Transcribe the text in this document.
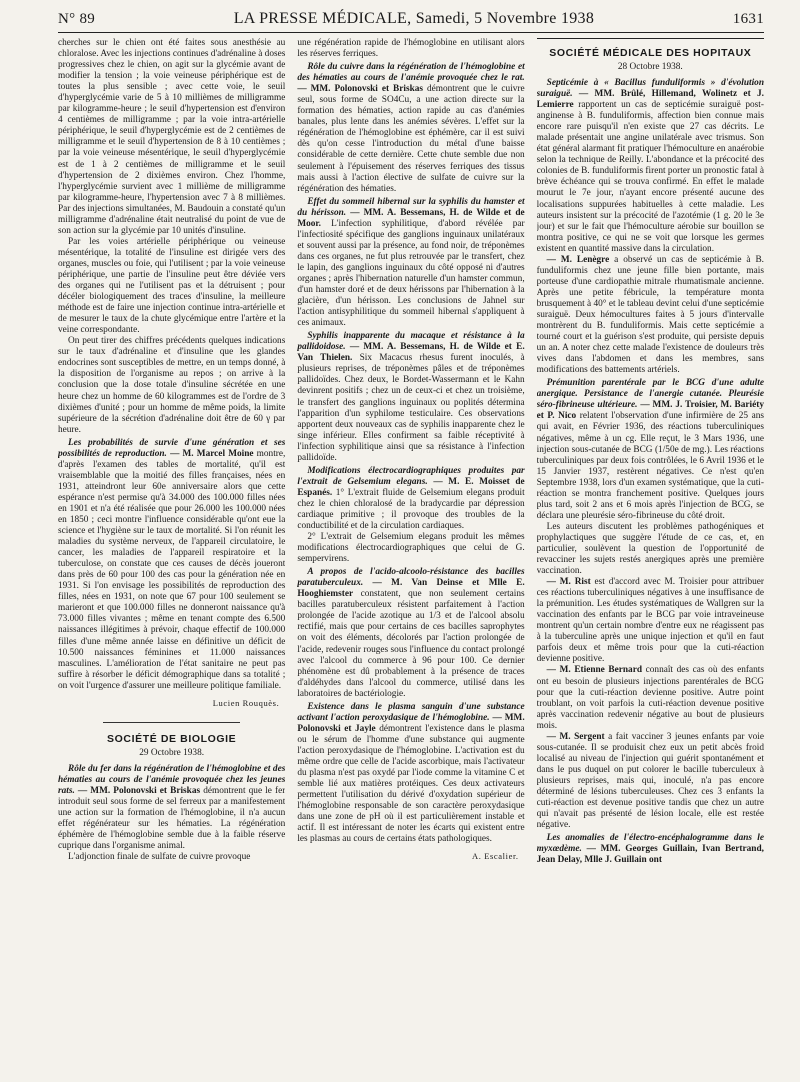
N° 89	LA PRESSE MÉDICALE, Samedi, 5 Novembre 1938	1631

cherches sur le chien ont été faites sous anesthésie au chloralose. Avec les injections continues d'adrénaline à doses progressives chez le chien, on agit sur la glycémie avant de modifier la tension ; la voie veineuse périphérique est de toutes la plus sensible ; avec cette voie, le seuil d'hyperglycémie varie de 5 à 10 millièmes de milligramme par kilogramme-heure ; le seuil d'hypertension est d'environ 4 centièmes de milligramme ; par la voie intra-artérielle périphérique, le seuil d'hyperglycémie est de 2 centièmes de milligramme et le seuil d'hypertension de 8 à 10 centièmes ; par la voie veineuse mésentérique, le seuil d'hyperglycémie est de 1 à 2 centièmes de milligramme et le seuil d'hypertension de 2 dixièmes environ. Chez l'homme, l'hyperglycémie survient avec 1 millième de milligramme par kilogramme-heure, l'hypertension avec 7 à 8 millièmes. Par des injections simultanées, M. Baudouin a constaté qu'un milligramme d'adrénaline était neutralisé du point de vue de son action sur la glycémie par 10 unités d'insuline.

Par les voies artérielle périphérique ou veineuse mésentérique, la totalité de l'insuline est dirigée vers des organes, muscles ou foie, qui l'utilisent ; par la voie veineuse périphérique, une partie de l'insuline peut être déviée vers des organes qui ne l'utilisent pas et la détruisent ; pour décéler biologiquement des traces d'insuline, la meilleure méthode est de faire une injection continue intra-artérielle et de mesurer le taux de la chute glycémique entre l'artère et la veine correspondante.

On peut tirer des chiffres précédents quelques indications sur le taux d'adrénaline et d'insuline que les glandes endocrines sont susceptibles de mettre, en un temps donné, à la disposition de l'organisme au repos ; on arrive à la conclusion que la dose totale d'insuline sécrétée en une heure chez un homme de 60 kilogrammes est de l'ordre de 3 dixièmes d'unité ; pour un homme de même poids, la limite supérieure de la sécrétion d'adrénaline doit être de 60 γ par heure.

Les probabilités de survie d'une génération et ses possibilités de reproduction. — M. Marcel Moine montre, d'après l'examen des tables de mortalité, qu'il est vraisemblable que la moitié des filles françaises, nées en 1931, atteindront leur 60e anniversaire alors que cette espérance n'est permise qu'à 34.000 des 100.000 filles nées en 1901 et n'a été réalisée que pour 26.000 les 100.000 nées en 1850 ; ceci montre l'influence considérable qu'ont eue la science et l'hygiène sur le taux de mortalité. Si l'on réunit les maladies du système nerveux, de l'appareil circulatoire, le cancer, les maladies de l'appareil respiratoire et la tuberculose, on constate que ces causes de décès joueront dans près de 60 pour 100 des cas pour la génération née en 1931. Si l'on envisage les possibilités de reproduction des filles, nées en 1931, on note que 67 pour 100 seulement se marieront et que 100.000 filles ne donneront naissance qu'à 73.000 filles vivantes ; même en tenant compte des 6.500 naissances illégitimes à prévoir, chaque effectif de 100.000 filles d'une même année laisse en définitive un déficit de 10.500 naissances féminines et 11.000 naissances masculines. L'amélioration de l'état sanitaire ne peut pas suffire à résorber le déficit démographique dans sa totalité ; on voit l'urgence d'assurer une meilleure politique familiale.

Lucien Rouquès.
SOCIÉTÉ DE BIOLOGIE
29 Octobre 1938.

Rôle du fer dans la régénération de l'hémoglobine et des hématies au cours de l'anémie provoquée chez les jeunes rats. — MM. Polonovski et Briskas démontrent que le fer introduit seul sous forme de sel ferreux par a manifestement une action sur la formation de l'hémoglobine, il n'a aucun effet régénérateur sur les hématies. La régénération éphémère de l'hémoglobine semble due à la faible réserve cuprique dans l'organisme animal.

L'adjonction finale de sulfate de cuivre provoque

une régénération rapide de l'hémoglobine en utilisant alors les réserves ferriques.

Rôle du cuivre dans la régénération de l'hémoglobine et des hématies au cours de l'anémie provoquée chez le rat. — MM. Polonovski et Briskas démontrent que le cuivre seul, sous forme de SO4Cu, a une action directe sur la formation des hématies, action rapide au cas d'anémies banales, plus lente dans les anémies sévères. L'effet sur la régénération de l'hémoglobine est éphémère, car il est suivi dès qu'on cesse l'introduction du métal d'une baisse considérable de cette dernière. Cette chute semble due non seulement à l'épuisement des réserves ferriques des tissus mais aussi à l'action élective de sulfate de cuivre sur la régénération des hématies.

Effet du sommeil hibernal sur la syphilis du hamster et du hérisson. — MM. A. Bessemans, H. de Wilde et de Moor. L'infection syphilitique, d'abord révélée par l'infectiosité spécifique des ganglions inguinaux unilatéraux et souvent aussi par la présence, au fond noir, de tréponèmes dans ces organes, ne fut plus retrouvée par le transfert, chez le lapin, des ganglions inguinaux du côté opposé ni d'autres organes ; après l'hibernation naturelle d'un hamster commun, d'un hamster doré et de deux hérissons par l'hibernation à la glacière, d'un hérisson. Les conclusions de Jahnel sur l'action antisyphilitique du sommeil hibernal s'appliquent à ces animaux.

Syphilis inapparente du macaque et résistance à la pallidoidose. — MM. A. Bessemans, H. de Wilde et E. Van Thielen. Six Macacus rhesus furent inoculés, à plusieurs reprises, de tréponèmes pâles et de tréponèmes pallidoïdes. Chez deux, le Bordet-Wassermann et le Kahn devinrent positifs ; chez un de ceux-ci et chez un troisième, le transfert des ganglions inguinaux ou poplités détermina l'apparition d'un syphilome testiculaire. Ces observations apportent deux nouveaux cas de syphilis inapparente chez le singe inférieur. Elles confirment sa faible réceptivité à l'infection syphilitique ainsi que sa résistance à l'infection pallidoïde.

Modifications électrocardiographiques produites par l'extrait de Gelsemium elegans. — M. E. Moisset de Espanés. 1° L'extrait fluide de Gelsemium elegans produit chez le chien chloralosé de la bradycardie par dépression cardiaque primitive ; il provoque des troubles de la conductibilité et de la circulation cardiaques.

2° L'extrait de Gelsemium elegans produit les mêmes modifications électrocardiographiques que celui de G. sempervirens.

A propos de l'acido-alcoolo-résistance des bacilles paratuberculeux. — M. Van Deinse et Mlle E. Hooghiemster constatent, que non seulement certains bacilles paratuberculeux résistent parfaitement à l'action prolongée de l'acide azotique au 1/3 et de l'alcool absolu rectifié, mais que pour certains de ces bacilles saprophytes on voit des éléments, décolorés par l'action prolongée de l'acide, redevenir rouges sous l'influence du contact prolongé avec l'alcool du commerce à 96 pour 100. Ce dernier phénomène est dû probablement à la présence de traces d'aldéhydes dans l'alcool du commerce, utilisé dans les laboratoires de bactériologie.

Existence dans le plasma sanguin d'une substance activant l'action peroxydasique de l'hémoglobine. — MM. Polonovski et Jayle démontrent l'existence dans le plasma ou le sérum de l'homme d'une substance qui augmente l'action peroxydasique de l'hémoglobine. L'activation est du même ordre que celle de l'acide ascorbique, mais l'activateur du plasma n'est pas oxydé par l'iode comme la vitamine C et semble lié aux matières protéiques. Ces deux activateurs permettent l'utilisation du dérivé d'oxydation supérieur de l'hémoglobine responsable de son caractère peroxydasique dans une zone de pH où il est particulièrement instable et actif. Il est intéressant de noter les écarts qui existent entre les plasmas au cours de certains états pathologiques.

A. Escalier.
SOCIÉTÉ MÉDICALE DES HOPITAUX
28 Octobre 1938.

Septicémie à « Bacillus funduliformis » d'évolution suraiguë. — MM. Brûlé, Hillemand, Wolinetz et J. Lemierre rapportent un cas de septicémie suraiguë post-anginense à B. funduliformis, affection bien connue mais encore rare puisqu'il n'en existe que 27 cas décrits. Le malade présentait une angine unilatérale avec trismus. Son état général alarmant fit pratiquer l'hémoculture en anaérobie selon la technique de Reilly. L'abondance et la précocité des colonies de B. funduliformis firent porter un pronostic fatal à brève échéance qui se trouva confirmé. En effet le malade mourut le 7e jour, n'ayant encore présenté aucune des localisations suppurées habituelles à cette maladie. Les auteurs insistent sur la précocité de l'azotémie (1 g. 20 le 3e jour) et sur le fait que l'hémoculture aérobie sur bouillon se montra positive, ce qui ne se voit que lorsque les germes existent en quantité massive dans la circulation.

— M. Lenègre a observé un cas de septicémie à B. funduliformis chez une jeune fille bien portante, mais porteuse d'une cardiopathie mitrale rhumatismale ancienne. Après une petite fébricule, la température monta brusquement à 40° et le tableau devint celui d'une septicémie suraiguë. Deux hémocultures faites à 5 jours d'intervalle montrèrent du B. funduliformis. Mais cette septicémie a tourné court et la guérison s'est produite, qui persiste depuis un an. A noter chez cette malade l'existence de douleurs très vives dans l'abdomen et dans les membres, sans modifications des battements artériels.

Prémunition parentérale par le BCG d'une adulte anergique. Persistance de l'anergie cutanée. Pleurésie séro-fibrineuse ultérieure. — MM. J. Troisier, M. Bariéty et P. Nico relatent l'observation d'une infirmière de 25 ans qui avait, en Février 1936, des réactions tuberculiniques négatives, même à un cg. Elle reçut, le 3 Mars 1936, une injection sous-cutanée de BCG (1/50e de mg.). Les réactions tuberculiniques par deux fois contrôlées, le 6 Avril 1936 et le 15 Janvier 1937, restèrent négatives. Ce n'est qu'en Septembre 1938, lors d'un examen systématique, que la cuti-réaction se montra franchement positive. Quelques jours plus tard, soit 2 ans et 6 mois après l'injection de BCG, se déclara une pleurésie séro-fibrineuse du côté droit.

Les auteurs discutent les problèmes pathogéniques et prophylactiques que suggère l'étude de ce cas, et, en particulier, soulèvent la question de l'opportunité de revacciner les sujets restés anergiques après une première vaccination.

— M. Rist est d'accord avec M. Troisier pour attribuer ces réactions tuberculiniques négatives à une insuffisance de la prémunition. Les études systématiques de Wallgren sur la vaccination des enfants par le BCG par voie intraveineuse montrent qu'un certain nombre d'entre eux ne réagissent pas à la tuberculine après une unique injection et qu'il en faut parfois deux et même trois pour que la cuti-réaction devienne positive.

— M. Etienne Bernard connaît des cas où des enfants ont eu besoin de plusieurs injections parentérales de BCG pour que la cuti-réaction devienne positive. Autre point troublant, on voit parfois la cuti-réaction devenue positive après vaccination redevenir négative au bout de plusieurs mois.

— M. Sergent a fait vacciner 3 jeunes enfants par voie sous-cutanée. Il se produisit chez eux un petit abcès froid localisé au niveau de l'injection qui guérit spontanément et dans le pus duquel on put colorer le bacille tuberculeux à plusieurs reprises, mais qui, inoculé, n'a pas encore déterminé de lésions tuberculeuses. Chez ces 3 enfants la cuti-réaction est devenue positive tandis que chez un autre qui n'avait pas présenté de lésion locale, elle est restée négative.

Les anomalies de l'électro-encéphalogramme dans le myxœdème. — MM. Georges Guillain, Ivan Bertrand, Jean Delay, Mlle J. Guillain ont
